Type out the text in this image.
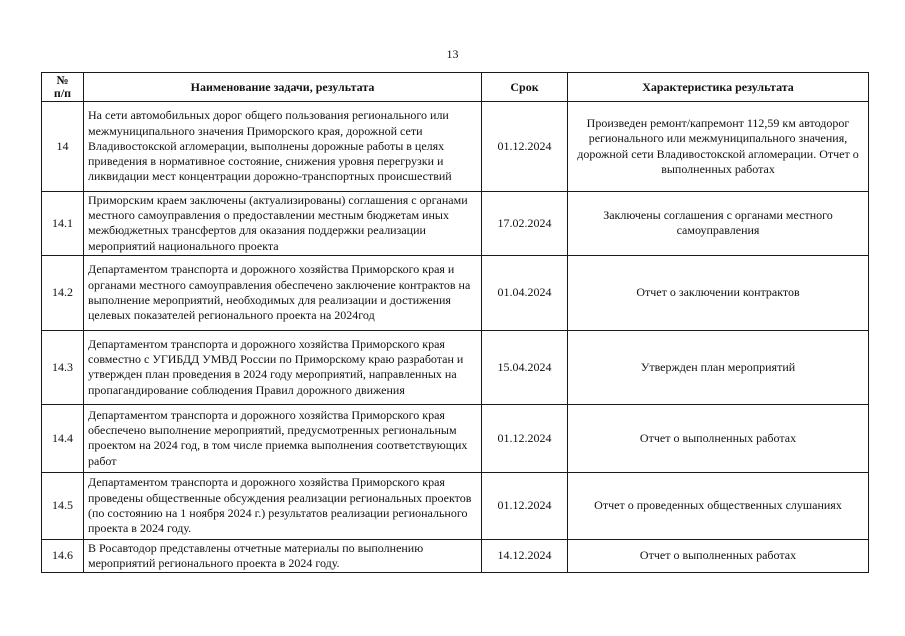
13
№
п/п	Наименование задачи, результата	Срок	Характеристика результата
14	На сети автомобильных дорог общего пользования регионального или межмуниципального значения Приморского края, дорожной сети Владивостокской агломерации, выполнены дорожные работы в целях приведения в нормативное состояние, снижения уровня перегрузки и ликвидации мест концентрации дорожно-транспортных происшествий	01.12.2024	Произведен ремонт/капремонт 112,59 км автодорог регионального или межмуниципального значения, дорожной сети Владивостокской агломерации. Отчет о выполненных работах
14.1	Приморским краем заключены (актуализированы) соглашения с органами местного самоуправления о предоставлении местным бюджетам иных межбюджетных трансфертов для оказания поддержки реализации мероприятий национального проекта	17.02.2024	Заключены соглашения с органами местного самоуправления
14.2	Департаментом транспорта и дорожного хозяйства Приморского края и органами местного самоуправления обеспечено заключение контрактов на выполнение мероприятий, необходимых для реализации и достижения целевых показателей регионального проекта на 2024год	01.04.2024	Отчет о заключении контрактов
14.3	Департаментом транспорта и дорожного хозяйства Приморского края совместно с УГИБДД УМВД России по Приморскому краю разработан и утвержден план проведения в 2024 году мероприятий, направленных на пропагандирование соблюдения Правил дорожного движения	15.04.2024	Утвержден план мероприятий
14.4	Департаментом транспорта и дорожного хозяйства Приморского края обеспечено выполнение мероприятий, предусмотренных региональным проектом на 2024 год, в том числе приемка выполнения соответствующих работ	01.12.2024	Отчет о выполненных работах
14.5	Департаментом транспорта и дорожного хозяйства Приморского края проведены общественные обсуждения реализации региональных проектов (по состоянию на 1 ноября 2024 г.) результатов реализации регионального проекта в 2024 году.	01.12.2024	Отчет о проведенных общественных слушаниях
14.6	В Росавтодор представлены отчетные материалы по выполнению мероприятий регионального проекта в 2024 году.	14.12.2024	Отчет о выполненных работах
